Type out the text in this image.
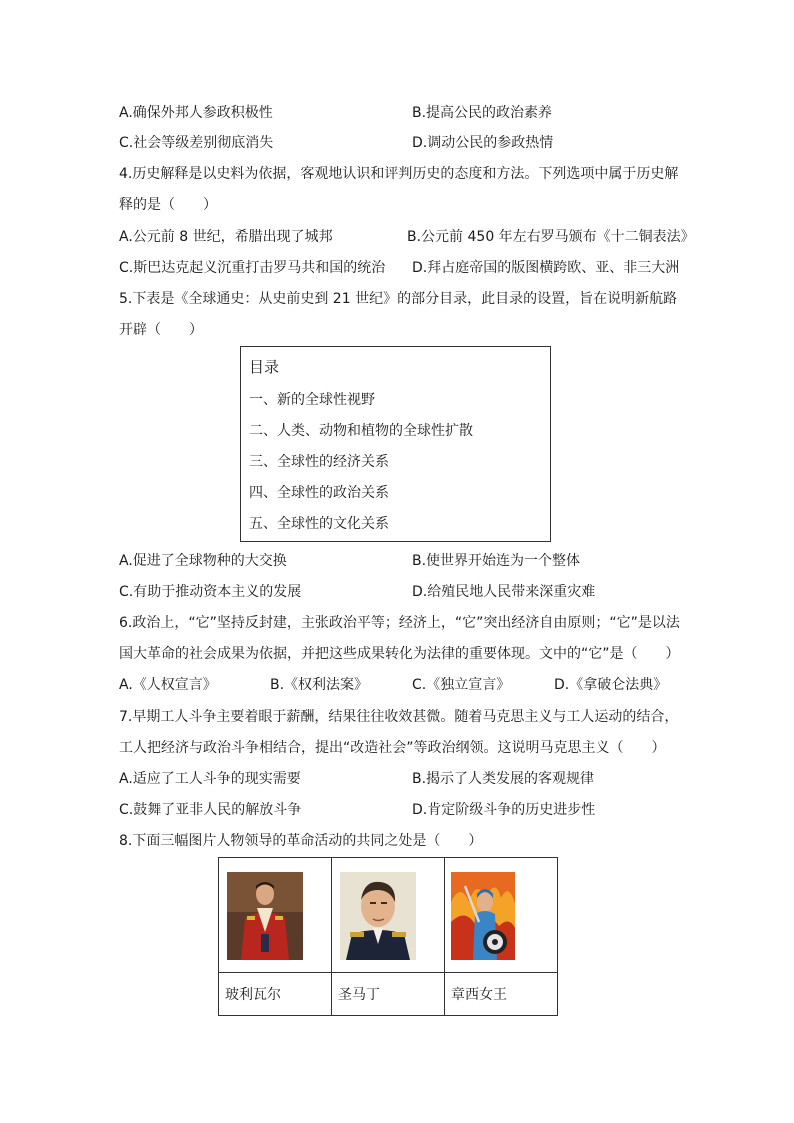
A.确保外邦人参政积极性	B.提高公民的政治素养
C.社会等级差别彻底消失	D.调动公民的参政热情
4.历史解释是以史料为依据，客观地认识和评判历史的态度和方法。下列选项中属于历史解
释的是（　　）
A.公元前 8 世纪，希腊出现了城邦	B.公元前 450 年左右罗马颁布《十二铜表法》
C.斯巴达克起义沉重打击罗马共和国的统治 D.拜占庭帝国的版图横跨欧、亚、非三大洲
5.下表是《全球通史：从史前史到 21 世纪》的部分目录，此目录的设置，旨在说明新航路
开辟（　　）
目录
一、新的全球性视野
二、人类、动物和植物的全球性扩散
三、全球性的经济关系
四、全球性的政治关系
五、全球性的文化关系
A.促进了全球物种的大交换	B.使世界开始连为一个整体
C.有助于推动资本主义的发展	D.给殖民地人民带来深重灾难
6.政治上，“它”坚持反封建，主张政治平等；经济上，“它”突出经济自由原则；“它”是以法
国大革命的社会成果为依据，并把这些成果转化为法律的重要体现。文中的“它”是（　　）
A.《人权宣言》	B.《权利法案》	C.《独立宣言》	D.《拿破仑法典》
7.早期工人斗争主要着眼于薪酬，结果往往收效甚微。随着马克思主义与工人运动的结合，
工人把经济与政治斗争相结合，提出“改造社会”等政治纲领。这说明马克思主义（　　）
A.适应了工人斗争的现实需要	B.揭示了人类发展的客观规律
C.鼓舞了亚非人民的解放斗争	D.肯定阶级斗争的历史进步性
8.下面三幅图片人物领导的革命活动的共同之处是（　　）

玻利瓦尔	圣马丁	章西女王
